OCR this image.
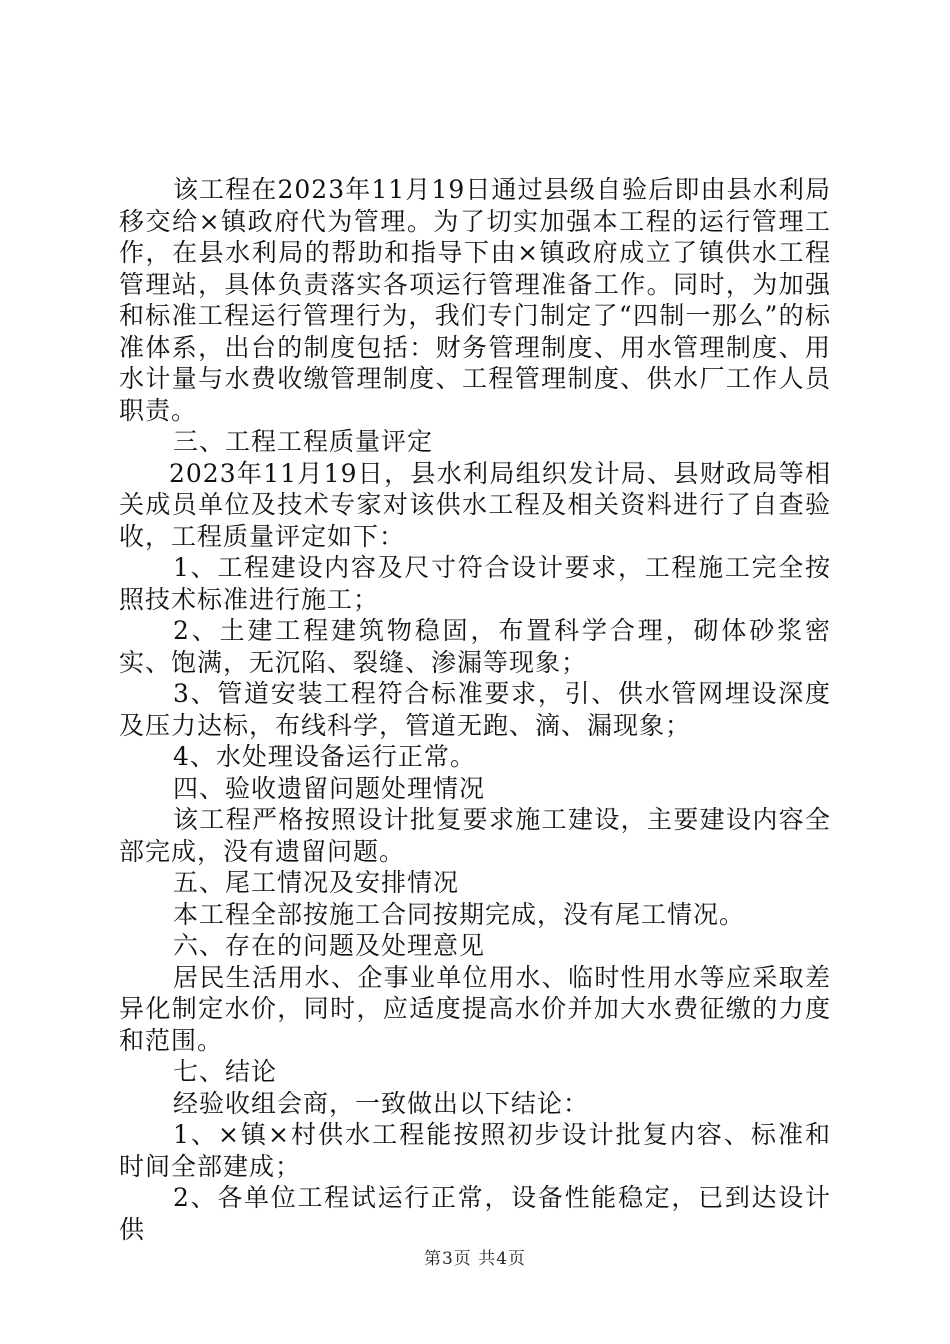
该工程在2023年11月19日通过县级自验后即由县水利局移交给×镇政府代为管理。为了切实加强本工程的运行管理工作，在县水利局的帮助和指导下由×镇政府成立了镇供水工程管理站，具体负责落实各项运行管理准备工作。同时，为加强和标准工程运行管理行为，我们专门制定了“四制一那么”的标准体系，出台的制度包括：财务管理制度、用水管理制度、用水计量与水费收缴管理制度、工程管理制度、供水厂工作人员职责。

三、工程工程质量评定

2023年11月19日，县水利局组织发计局、县财政局等相关成员单位及技术专家对该供水工程及相关资料进行了自查验收，工程质量评定如下：

1、工程建设内容及尺寸符合设计要求，工程施工完全按照技术标准进行施工；

2、土建工程建筑物稳固，布置科学合理，砌体砂浆密实、饱满，无沉陷、裂缝、渗漏等现象；

3、管道安装工程符合标准要求，引、供水管网埋设深度及压力达标，布线科学，管道无跑、滴、漏现象；

4、水处理设备运行正常。

四、验收遗留问题处理情况

该工程严格按照设计批复要求施工建设，主要建设内容全部完成，没有遗留问题。

五、尾工情况及安排情况

本工程全部按施工合同按期完成，没有尾工情况。

六、存在的问题及处理意见

居民生活用水、企事业单位用水、临时性用水等应采取差异化制定水价，同时，应适度提高水价并加大水费征缴的力度和范围。

七、结论

经验收组会商，一致做出以下结论：

1、×镇×村供水工程能按照初步设计批复内容、标准和时间全部建成；

2、各单位工程试运行正常，设备性能稳定，已到达设计供

第3页 共4页
